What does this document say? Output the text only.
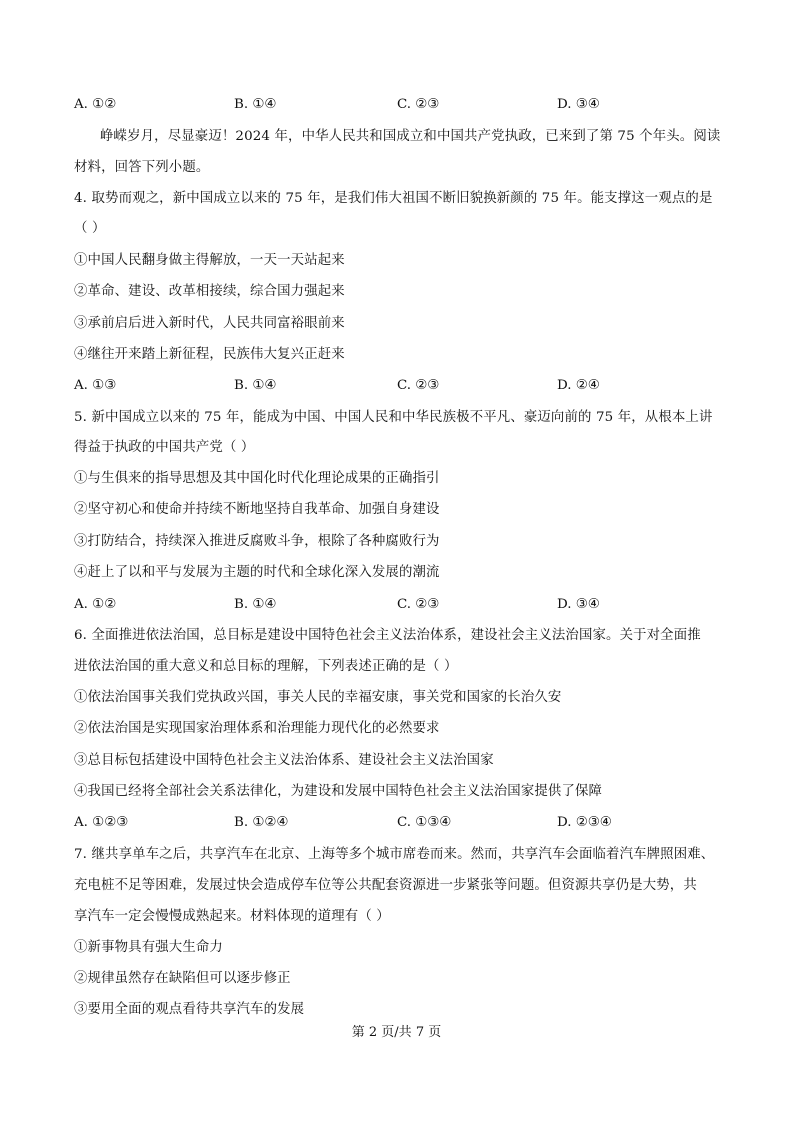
A. ①②	B. ①④	C. ②③	D. ③④
峥嵘岁月，尽显豪迈！2024 年，中华人民共和国成立和中国共产党执政，已来到了第 75 个年头。阅读
材料，回答下列小题。
4. 取势而观之，新中国成立以来的 75 年，是我们伟大祖国不断旧貌换新颜的 75 年。能支撑这一观点的是
（ ）
①中国人民翻身做主得解放，一天一天站起来
②革命、建设、改革相接续，综合国力强起来
③承前启后进入新时代，人民共同富裕眼前来
④继往开来踏上新征程，民族伟大复兴正赶来
A. ①③	B. ①④	C. ②③	D. ②④
5. 新中国成立以来的 75 年，能成为中国、中国人民和中华民族极不平凡、豪迈向前的 75 年，从根本上讲
得益于执政的中国共产党（ ）
①与生俱来的指导思想及其中国化时代化理论成果的正确指引
②坚守初心和使命并持续不断地坚持自我革命、加强自身建设
③打防结合，持续深入推进反腐败斗争，根除了各种腐败行为
④赶上了以和平与发展为主题的时代和全球化深入发展的潮流
A. ①②	B. ①④	C. ②③	D. ③④
6. 全面推进依法治国，总目标是建设中国特色社会主义法治体系，建设社会主义法治国家。关于对全面推
进依法治国的重大意义和总目标的理解，下列表述正确的是（ ）
①依法治国事关我们党执政兴国，事关人民的幸福安康，事关党和国家的长治久安
②依法治国是实现国家治理体系和治理能力现代化的必然要求
③总目标包括建设中国特色社会主义法治体系、建设社会主义法治国家
④我国已经将全部社会关系法律化，为建设和发展中国特色社会主义法治国家提供了保障
A. ①②③	B. ①②④	C. ①③④	D. ②③④
7. 继共享单车之后，共享汽车在北京、上海等多个城市席卷而来。然而，共享汽车会面临着汽车牌照困难、
充电桩不足等困难，发展过快会造成停车位等公共配套资源进一步紧张等问题。但资源共享仍是大势，共
享汽车一定会慢慢成熟起来。材料体现的道理有（ ）
①新事物具有强大生命力
②规律虽然存在缺陷但可以逐步修正
③要用全面的观点看待共享汽车的发展
第 2 页/共 7 页
